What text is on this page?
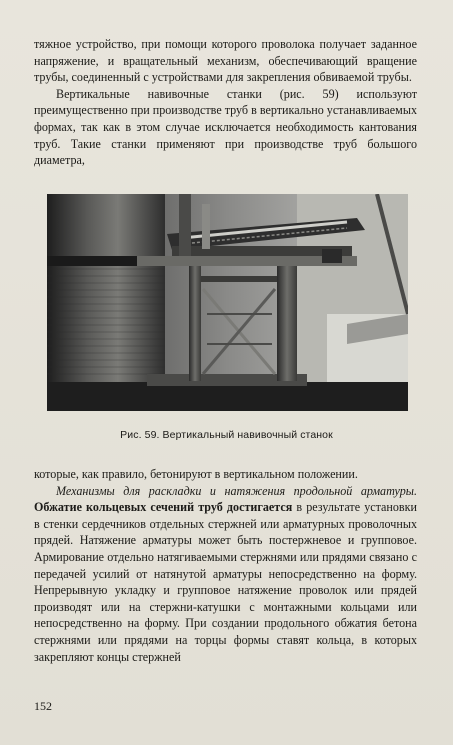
тяжное устройство, при помощи которого проволока получает заданное напряжение, и вращательный механизм, обеспечивающий вращение трубы, соединенный с устройствами для закрепления обвиваемой трубы.

Вертикальные навивочные станки (рис. 59) используют преимущественно при производстве труб в вертикально устанавливаемых формах, так как в этом случае исключается необходимость кантования труб. Такие станки применяют при производстве труб большого диаметра,

Рис. 59. Вертикальный навивочный станок

которые, как правило, бетонируют в вертикальном положении.

Механизмы для раскладки и натяжения продольной арматуры. Обжатие кольцевых сечений труб достигается в результате установки в стенки сердечников отдельных стержней или арматурных проволочных прядей. Натяжение арматуры может быть постержневое и групповое. Армирование отдельно натягиваемыми стержнями или прядями связано с передачей усилий от натянутой арматуры непосредственно на форму. Непрерывную укладку и групповое натяжение проволок или прядей производят или на стержни-катушки с монтажными кольцами или непосредственно на форму. При создании продольного обжатия бетона стержнями или прядями на торцы формы ставят кольца, в которых закрепляют концы стержней

152
